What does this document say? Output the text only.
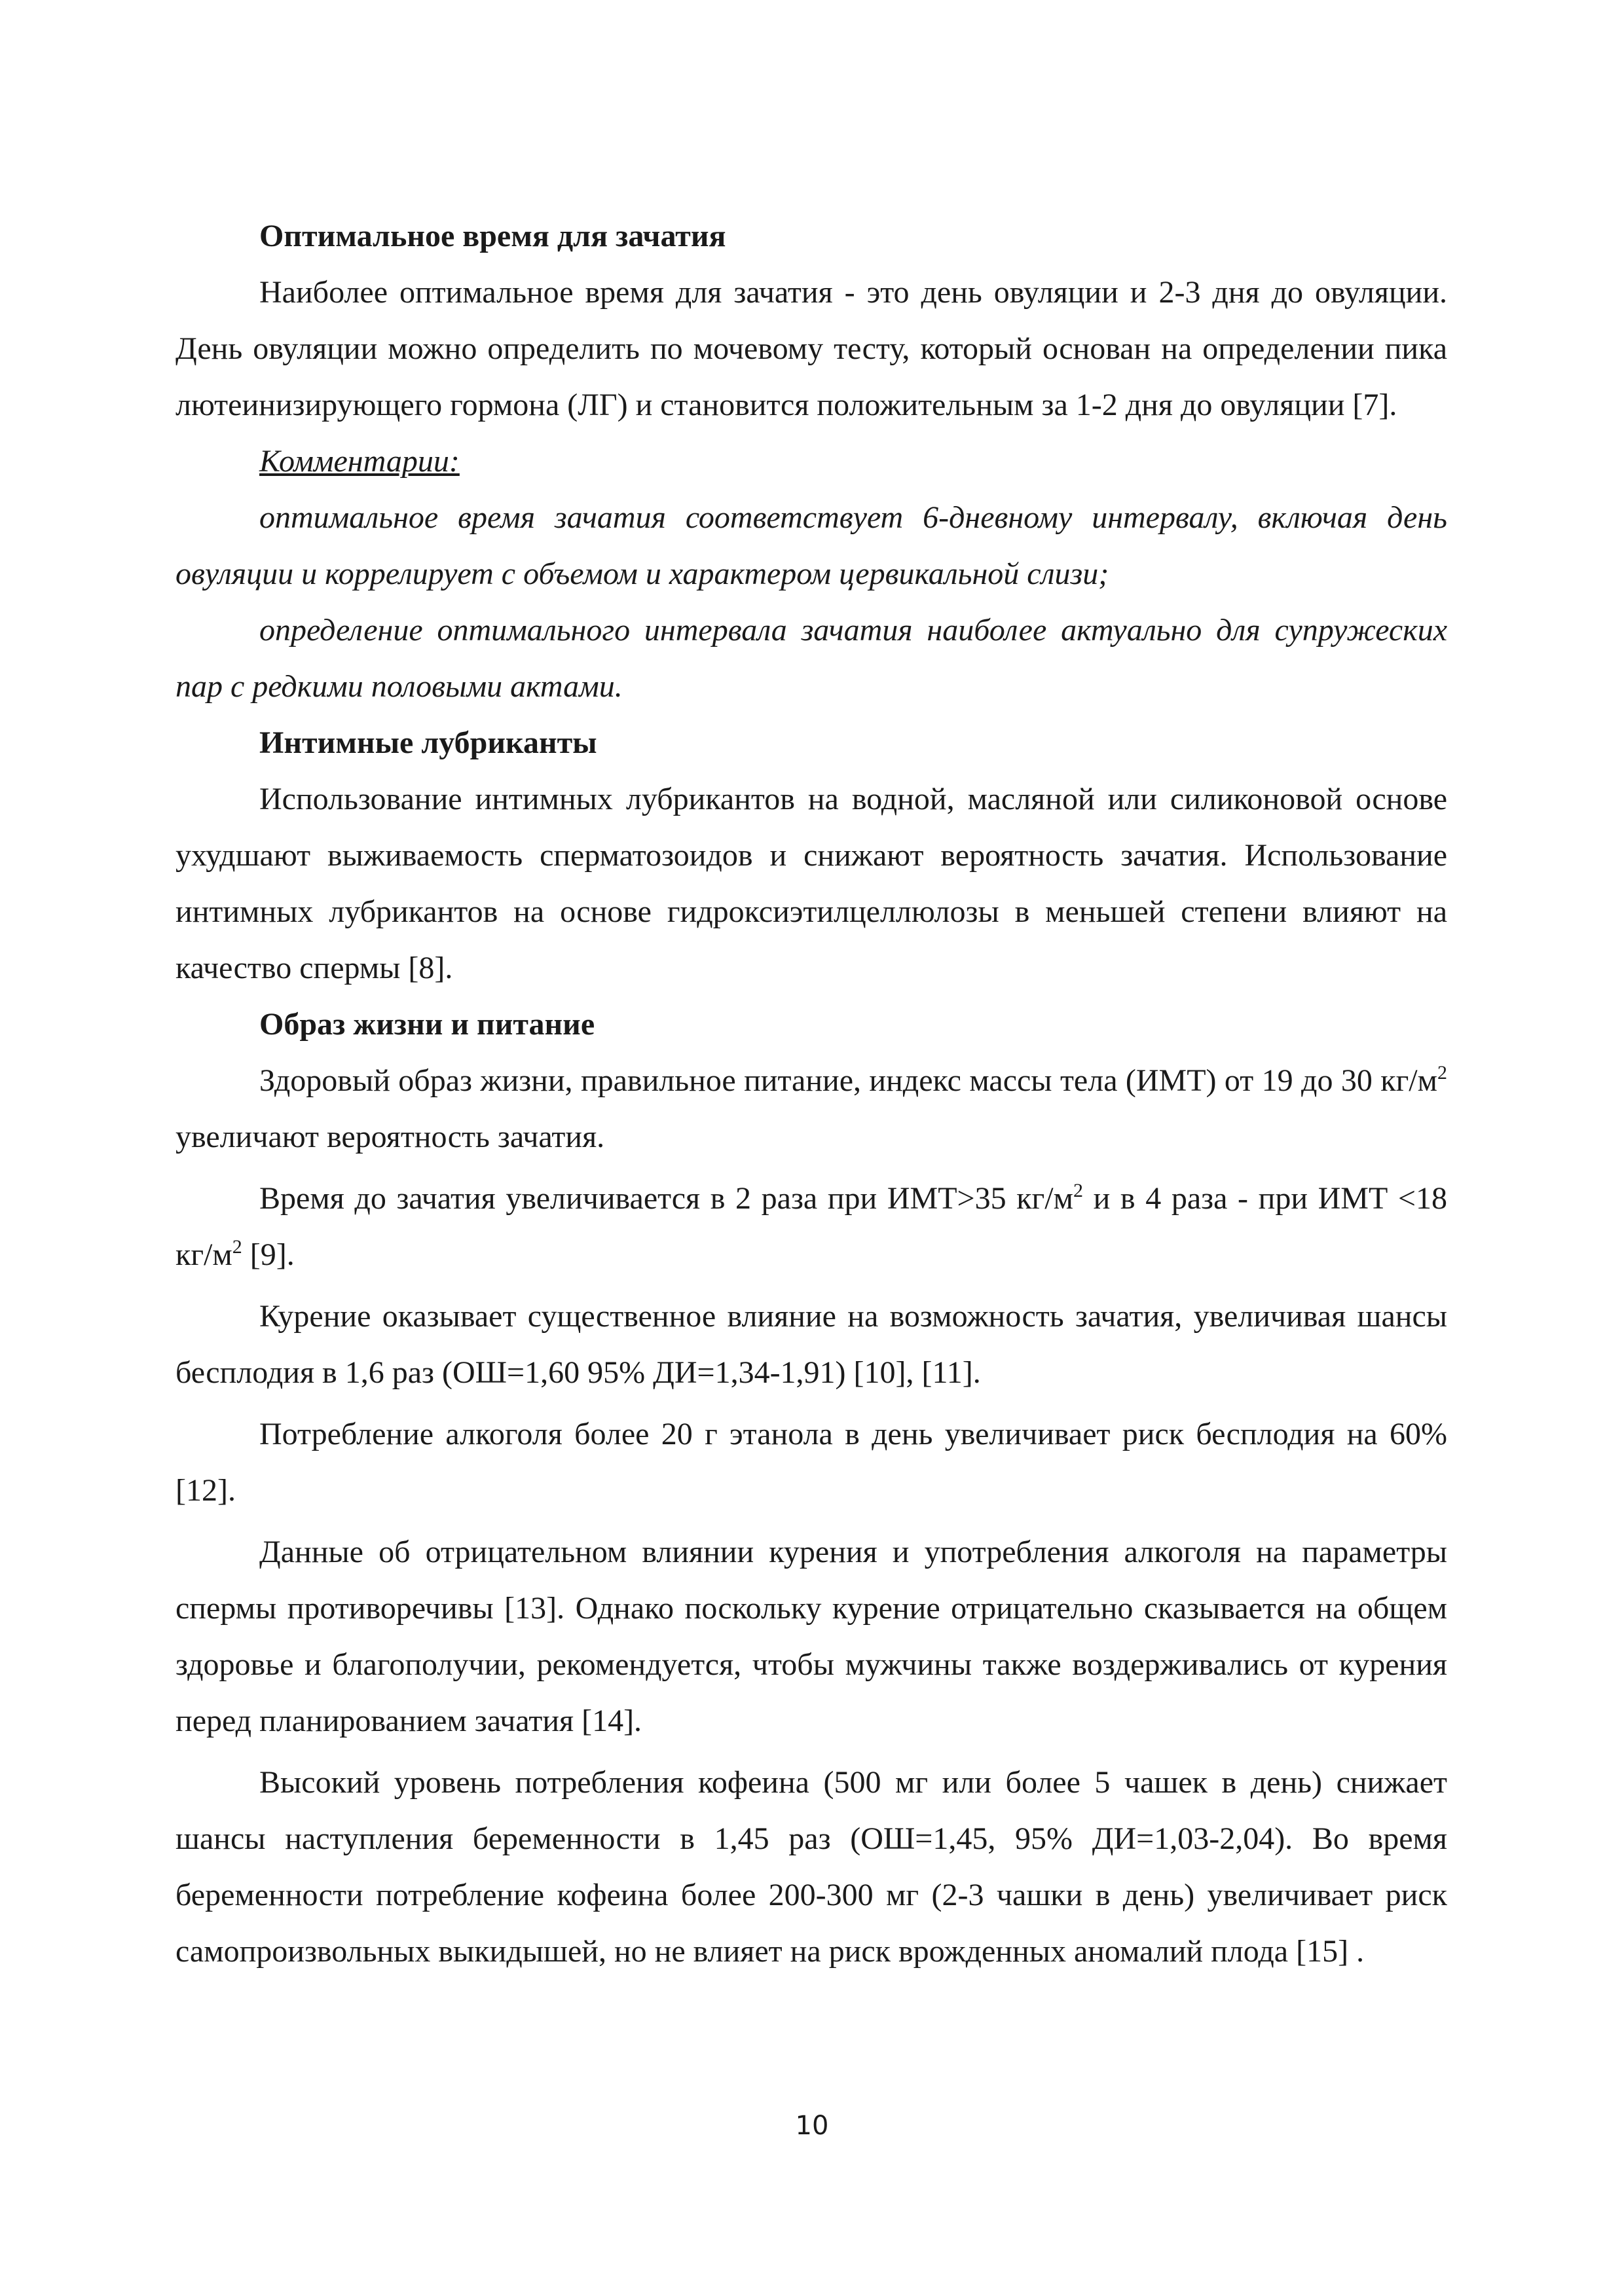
Оптимальное время для зачатия

Наиболее оптимальное время для зачатия - это день овуляции и 2-3 дня до овуляции. День овуляции можно определить по мочевому тесту, который основан на определении пика лютеинизирующего гормона (ЛГ) и становится положительным за 1-2 дня до овуляции [7].

Комментарии:

оптимальное время зачатия соответствует 6-дневному интервалу, включая день овуляции и коррелирует с объемом и характером цервикальной слизи;

определение оптимального интервала зачатия наиболее актуально для супружеских пар с редкими половыми актами.

Интимные лубриканты

Использование интимных лубрикантов на водной, масляной или силиконовой основе ухудшают выживаемость сперматозоидов и снижают вероятность зачатия. Использование интимных лубрикантов на основе гидроксиэтилцеллюлозы в меньшей степени влияют на качество спермы [8].

Образ жизни и питание

Здоровый образ жизни, правильное питание, индекс массы тела (ИМТ) от 19 до 30 $кг/м^2$ увеличают вероятность зачатия.

Время до зачатия увеличивается в 2 раза при ИМТ>35 $кг/м^2$ и в 4 раза - при ИМТ <18 $кг/м^2$ [9].

Курение оказывает существенное влияние на возможность зачатия, увеличивая шансы бесплодия в 1,6 раз (ОШ=1,60 95% ДИ=1,34-1,91) [10], [11].

Потребление алкоголя более 20 г этанола в день увеличивает риск бесплодия на 60% [12].

Данные об отрицательном влиянии курения и употребления алкоголя на параметры спермы противоречивы [13]. Однако поскольку курение отрицательно сказывается на общем здоровье и благополучии, рекомендуется, чтобы мужчины также воздерживались от курения перед планированием зачатия [14].

Высокий уровень потребления кофеина (500 мг или более 5 чашек в день) снижает шансы наступления беременности в 1,45 раз (ОШ=1,45, 95% ДИ=1,03-2,04). Во время беременности потребление кофеина более 200-300 мг (2-3 чашки в день) увеличивает риск самопроизвольных выкидышей, но не влияет на риск врожденных аномалий плода [15] .

10
